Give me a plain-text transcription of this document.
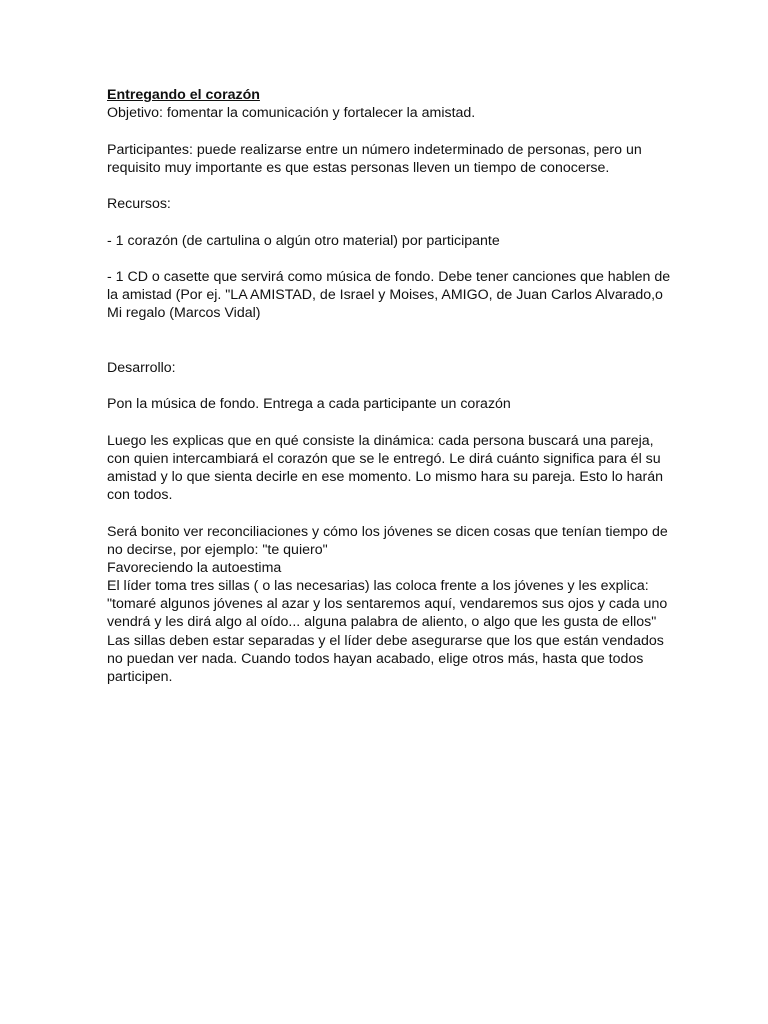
Entregando el corazón
Objetivo: fomentar la comunicación y fortalecer la amistad.
Participantes: puede realizarse entre un número indeterminado de personas, pero un
requisito muy importante es que estas personas lleven un tiempo de conocerse.
Recursos:
- 1 corazón (de cartulina o algún otro material) por participante
- 1 CD o casette que servirá como música de fondo. Debe tener canciones que hablen de
la amistad (Por ej. "LA AMISTAD, de Israel y Moises, AMIGO, de Juan Carlos Alvarado,o
Mi regalo (Marcos Vidal)
Desarrollo:
Pon la música de fondo. Entrega a cada participante un corazón
Luego les explicas que en qué consiste la dinámica: cada persona buscará una pareja,
con quien intercambiará el corazón que se le entregó. Le dirá cuánto significa para él su
amistad y lo que sienta decirle en ese momento. Lo mismo hara su pareja. Esto lo harán
con todos.
Será bonito ver reconciliaciones y cómo los jóvenes se dicen cosas que tenían tiempo de
no decirse, por ejemplo: "te quiero"
Favoreciendo la autoestima
El líder toma tres sillas ( o las necesarias) las coloca frente a los jóvenes y les explica:
"tomaré algunos jóvenes al azar y los sentaremos aquí, vendaremos sus ojos y cada uno
vendrá y les dirá algo al oído... alguna palabra de aliento, o algo que les gusta de ellos"
Las sillas deben estar separadas y el líder debe asegurarse que los que están vendados
no puedan ver nada. Cuando todos hayan acabado, elige otros más, hasta que todos
participen.
